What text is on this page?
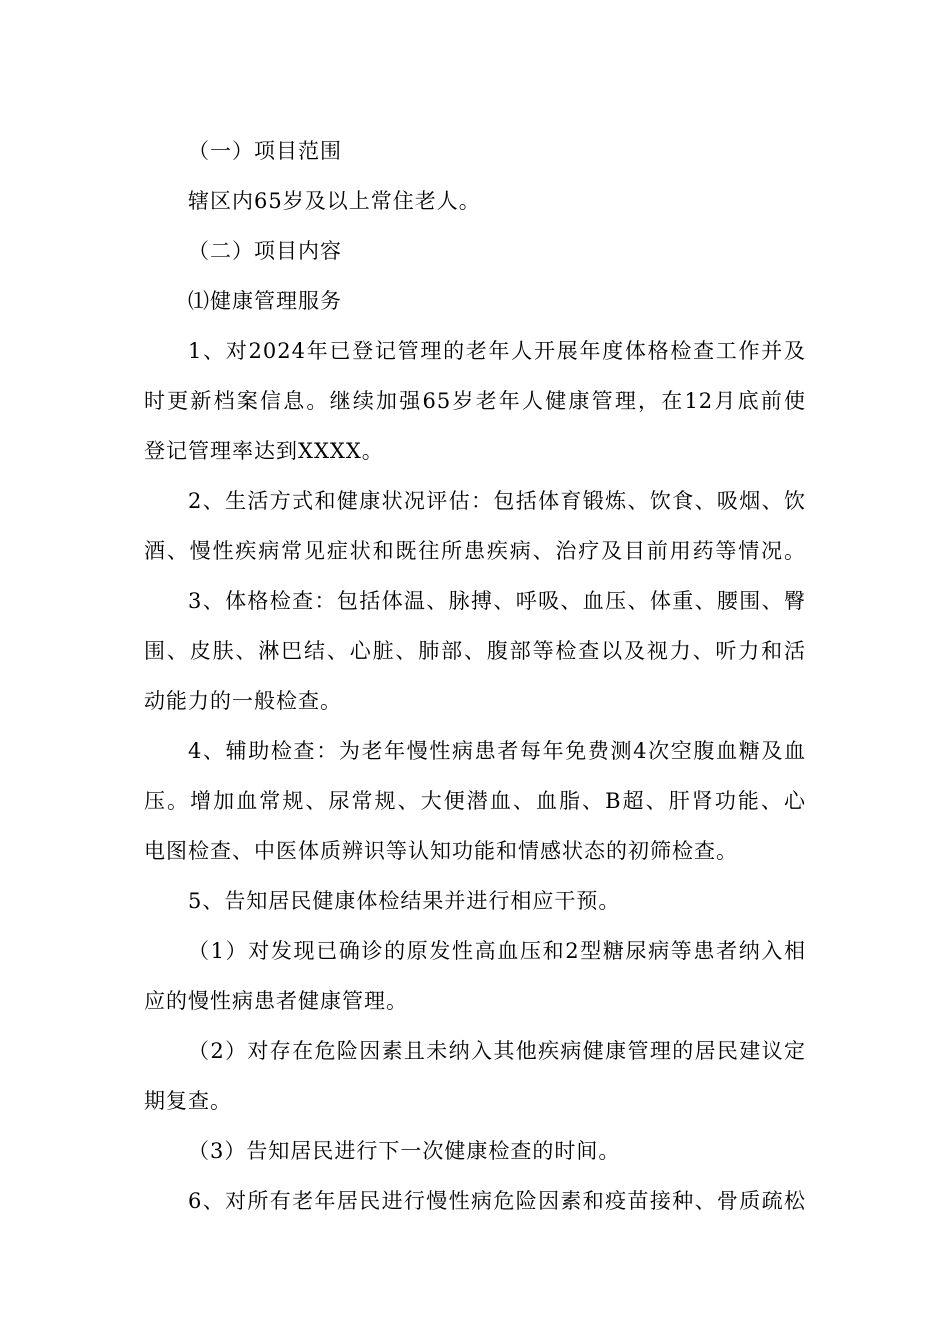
（一）项目范围
辖区内65岁及以上常住老人。
（二）项目内容
⑴健康管理服务
1、对2024年已登记管理的老年人开展年度体格检查工作并及
时更新档案信息。继续加强65岁老年人健康管理，在12月底前使
登记管理率达到XXXX。
2、生活方式和健康状况评估：包括体育锻炼、饮食、吸烟、饮
酒、慢性疾病常见症状和既往所患疾病、治疗及目前用药等情况。
3、体格检查：包括体温、脉搏、呼吸、血压、体重、腰围、臀
围、皮肤、淋巴结、心脏、肺部、腹部等检查以及视力、听力和活
动能力的一般检查。
4、辅助检查：为老年慢性病患者每年免费测4次空腹血糖及血
压。增加血常规、尿常规、大便潜血、血脂、B超、肝肾功能、心
电图检查、中医体质辨识等认知功能和情感状态的初筛检查。
5、告知居民健康体检结果并进行相应干预。
（1）对发现已确诊的原发性高血压和2型糖尿病等患者纳入相
应的慢性病患者健康管理。
（2）对存在危险因素且未纳入其他疾病健康管理的居民建议定
期复查。
（3）告知居民进行下一次健康检查的时间。
6、对所有老年居民进行慢性病危险因素和疫苗接种、骨质疏松
